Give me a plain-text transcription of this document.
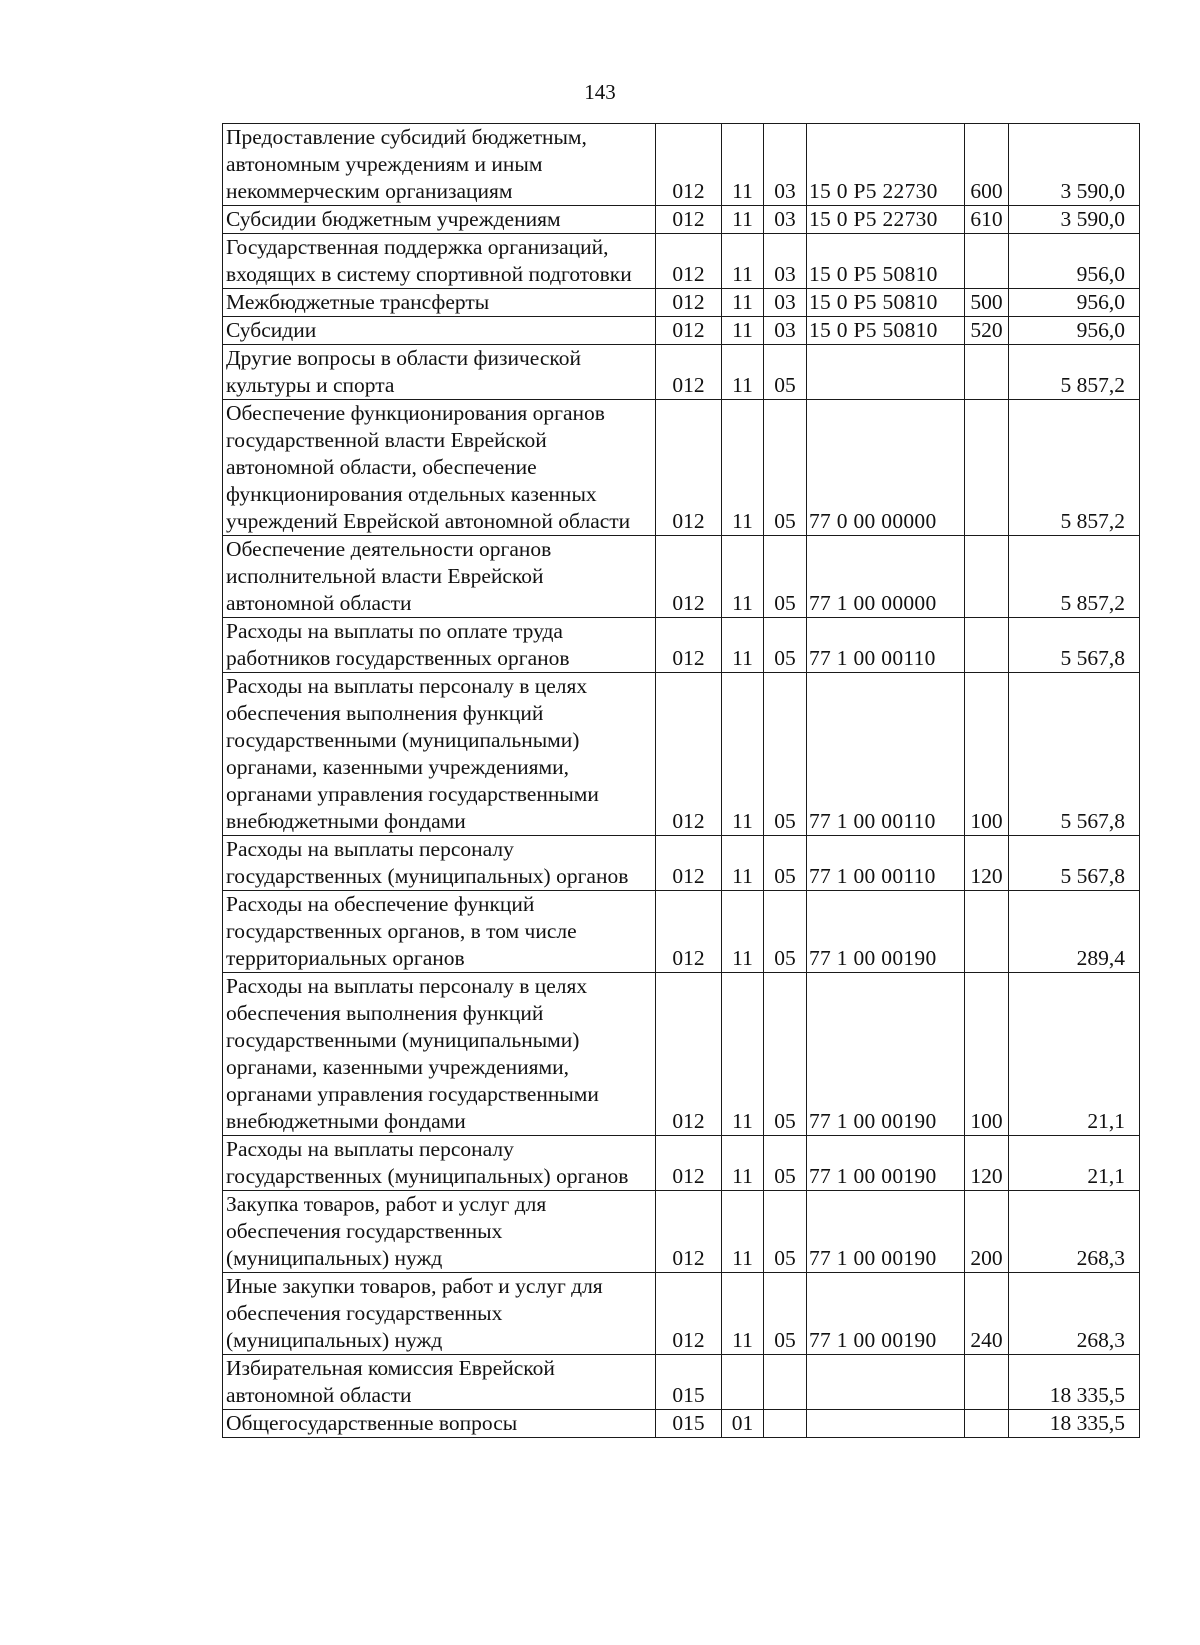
143
Предоставление субсидий бюджетным, автономным учреждениям и иным некоммерческим организациям	012	11	03	15 0 P5 22730	600	3 590,0
Субсидии бюджетным учреждениям	012	11	03	15 0 P5 22730	610	3 590,0
Государственная поддержка организаций, входящих в систему спортивной подготовки	012	11	03	15 0 P5 50810		956,0
Межбюджетные трансферты	012	11	03	15 0 P5 50810	500	956,0
Субсидии	012	11	03	15 0 P5 50810	520	956,0
Другие вопросы в области физической культуры и спорта	012	11	05			5 857,2
Обеспечение функционирования органов государственной власти Еврейской автономной области, обеспечение функционирования отдельных казенных учреждений Еврейской автономной области	012	11	05	77 0 00 00000		5 857,2
Обеспечение деятельности органов исполнительной власти Еврейской автономной области	012	11	05	77 1 00 00000		5 857,2
Расходы на выплаты по оплате труда работников государственных органов	012	11	05	77 1 00 00110		5 567,8
Расходы на выплаты персоналу в целях обеспечения выполнения функций государственными (муниципальными) органами, казенными учреждениями, органами управления государственными внебюджетными фондами	012	11	05	77 1 00 00110	100	5 567,8
Расходы на выплаты персоналу государственных (муниципальных) органов	012	11	05	77 1 00 00110	120	5 567,8
Расходы на обеспечение функций государственных органов, в том числе территориальных органов	012	11	05	77 1 00 00190		289,4
Расходы на выплаты персоналу в целях обеспечения выполнения функций государственными (муниципальными) органами, казенными учреждениями, органами управления государственными внебюджетными фондами	012	11	05	77 1 00 00190	100	21,1
Расходы на выплаты персоналу государственных (муниципальных) органов	012	11	05	77 1 00 00190	120	21,1
Закупка товаров, работ и услуг для обеспечения государственных (муниципальных) нужд	012	11	05	77 1 00 00190	200	268,3
Иные закупки товаров, работ и услуг для обеспечения государственных (муниципальных) нужд	012	11	05	77 1 00 00190	240	268,3
Избирательная комиссия Еврейской автономной области	015					18 335,5
Общегосударственные вопросы	015	01				18 335,5
